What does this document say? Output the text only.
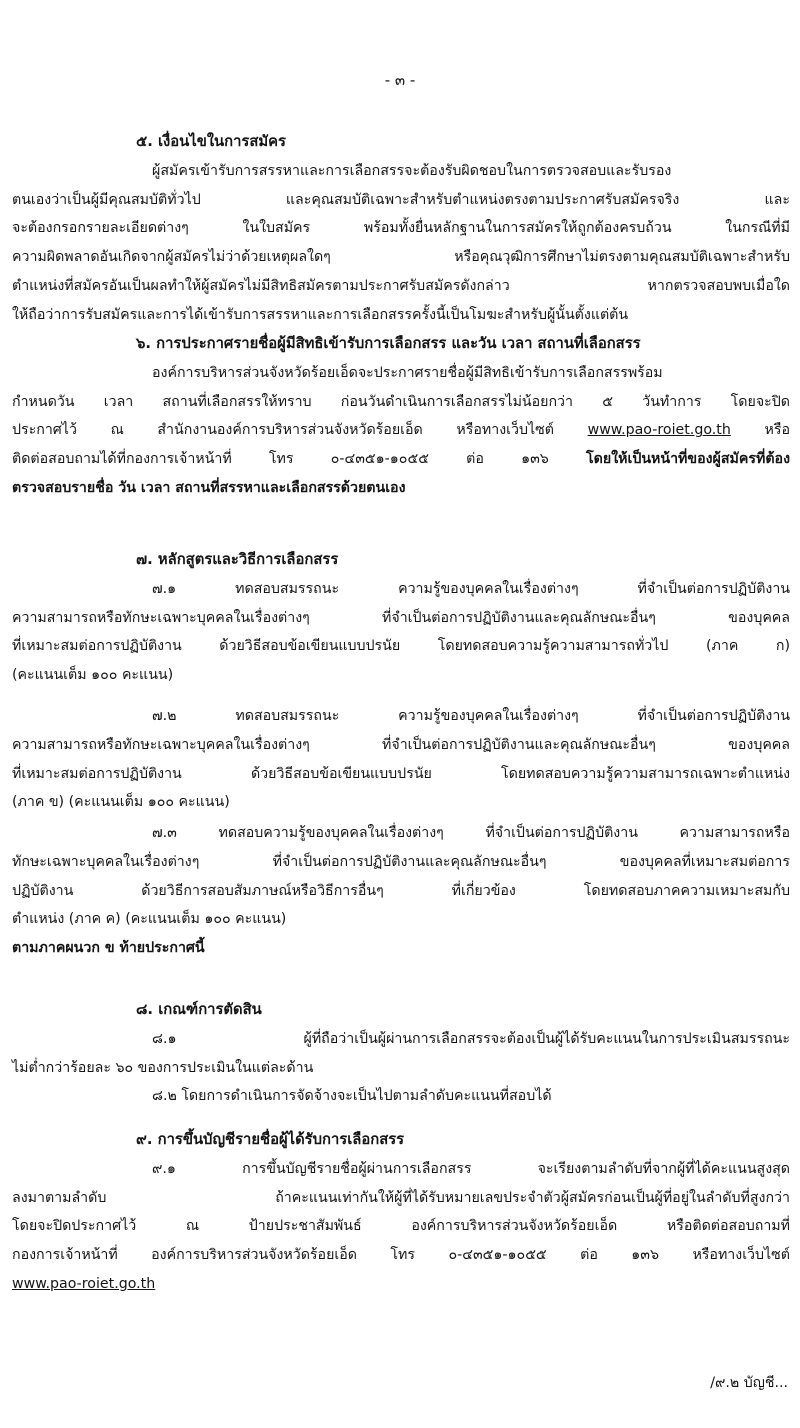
- ๓ -

๕. เงื่อนไขในการสมัคร

ผู้สมัครเข้ารับการสรรหาและการเลือกสรรจะต้องรับผิดชอบในการตรวจสอบและรับรอง

ตนเองว่าเป็นผู้มีคุณสมบัติทั่วไป และคุณสมบัติเฉพาะสำหรับตำแหน่งตรงตามประกาศรับสมัครจริง และ

จะต้องกรอกรายละเอียดต่างๆ ในใบสมัคร พร้อมทั้งยื่นหลักฐานในการสมัครให้ถูกต้องครบถ้วน ในกรณีที่มี

ความผิดพลาดอันเกิดจากผู้สมัครไม่ว่าด้วยเหตุผลใดๆ หรือคุณวุฒิการศึกษาไม่ตรงตามคุณสมบัติเฉพาะสำหรับ

ตำแหน่งที่สมัครอันเป็นผลทำให้ผู้สมัครไม่มีสิทธิสมัครตามประกาศรับสมัครดังกล่าว หากตรวจสอบพบเมื่อใด

ให้ถือว่าการรับสมัครและการได้เข้ารับการสรรหาและการเลือกสรรครั้งนี้เป็นโมฆะสำหรับผู้นั้นตั้งแต่ต้น

๖. การประกาศรายชื่อผู้มีสิทธิเข้ารับการเลือกสรร และวัน เวลา สถานที่เลือกสรร

องค์การบริหารส่วนจังหวัดร้อยเอ็ดจะประกาศรายชื่อผู้มีสิทธิเข้ารับการเลือกสรรพร้อม

กำหนดวัน เวลา สถานที่เลือกสรรให้ทราบ ก่อนวันดำเนินการเลือกสรรไม่น้อยกว่า ๕ วันทำการ โดยจะปิด

ประกาศไว้ ณ สำนักงานองค์การบริหารส่วนจังหวัดร้อยเอ็ด หรือทางเว็บไซต์ www.pao-roiet.go.th หรือ

ติดต่อสอบถามได้ที่กองการเจ้าหน้าที่ โทร ๐-๔๓๕๑-๑๐๕๕ ต่อ ๑๓๖ โดยให้เป็นหน้าที่ของผู้สมัครที่ต้อง

ตรวจสอบรายชื่อ วัน เวลา สถานที่สรรหาและเลือกสรรด้วยตนเอง

๗. หลักสูตรและวิธีการเลือกสรร

๗.๑ ทดสอบสมรรถนะ ความรู้ของบุคคลในเรื่องต่างๆ ที่จำเป็นต่อการปฏิบัติงาน

ความสามารถหรือทักษะเฉพาะบุคคลในเรื่องต่างๆ ที่จำเป็นต่อการปฏิบัติงานและคุณลักษณะอื่นๆ ของบุคคล

ที่เหมาะสมต่อการปฏิบัติงาน ด้วยวิธีสอบข้อเขียนแบบปรนัย โดยทดสอบความรู้ความสามารถทั่วไป (ภาค ก)

(คะแนนเต็ม ๑๐๐ คะแนน)

๗.๒ ทดสอบสมรรถนะ ความรู้ของบุคคลในเรื่องต่างๆ ที่จำเป็นต่อการปฏิบัติงาน

ความสามารถหรือทักษะเฉพาะบุคคลในเรื่องต่างๆ ที่จำเป็นต่อการปฏิบัติงานและคุณลักษณะอื่นๆ ของบุคคล

ที่เหมาะสมต่อการปฏิบัติงาน ด้วยวิธีสอบข้อเขียนแบบปรนัย โดยทดสอบความรู้ความสามารถเฉพาะตำแหน่ง

(ภาค ข) (คะแนนเต็ม ๑๐๐ คะแนน)

๗.๓ ทดสอบความรู้ของบุคคลในเรื่องต่างๆ ที่จำเป็นต่อการปฏิบัติงาน ความสามารถหรือ

ทักษะเฉพาะบุคคลในเรื่องต่างๆ ที่จำเป็นต่อการปฏิบัติงานและคุณลักษณะอื่นๆ ของบุคคลที่เหมาะสมต่อการ

ปฏิบัติงาน ด้วยวิธีการสอบสัมภาษณ์หรือวิธีการอื่นๆ ที่เกี่ยวข้อง โดยทดสอบภาคความเหมาะสมกับ

ตำแหน่ง (ภาค ค) (คะแนนเต็ม ๑๐๐ คะแนน)

ตามภาคผนวก ข ท้ายประกาศนี้

๘. เกณฑ์การตัดสิน

๘.๑ ผู้ที่ถือว่าเป็นผู้ผ่านการเลือกสรรจะต้องเป็นผู้ได้รับคะแนนในการประเมินสมรรถนะ

ไม่ต่ำกว่าร้อยละ ๖๐ ของการประเมินในแต่ละด้าน

๘.๒ โดยการดำเนินการจัดจ้างจะเป็นไปตามลำดับคะแนนที่สอบได้

๙. การขึ้นบัญชีรายชื่อผู้ได้รับการเลือกสรร

๙.๑ การขึ้นบัญชีรายชื่อผู้ผ่านการเลือกสรร จะเรียงตามลำดับที่จากผู้ที่ได้คะแนนสูงสุด

ลงมาตามลำดับ ถ้าคะแนนเท่ากันให้ผู้ที่ได้รับหมายเลขประจำตัวผู้สมัครก่อนเป็นผู้ที่อยู่ในลำดับที่สูงกว่า

โดยจะปิดประกาศไว้ ณ ป้ายประชาสัมพันธ์ องค์การบริหารส่วนจังหวัดร้อยเอ็ด หรือติดต่อสอบถามที่

กองการเจ้าหน้าที่ องค์การบริหารส่วนจังหวัดร้อยเอ็ด โทร ๐-๔๓๕๑-๑๐๕๕ ต่อ ๑๓๖ หรือทางเว็บไซต์

www.pao-roiet.go.th

/๙.๒ บัญชี...
